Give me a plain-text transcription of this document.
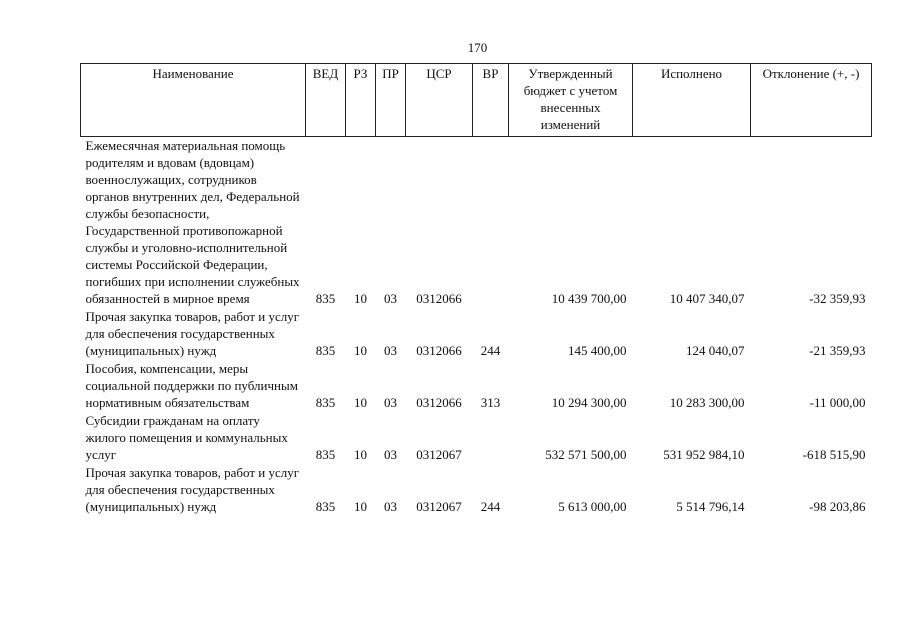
170
Наименование	ВЕД	РЗ	ПР	ЦСР	ВР	Утвержденный бюджет с учетом внесенных изменений	Исполнено	Отклонение (+, -)
Ежемесячная материальная помощь родителям и вдовам (вдовцам) военнослужащих, сотрудников органов внутренних дел, Федеральной службы безопасности, Государственной противопожарной службы и уголовно-исполнительной системы Российской Федерации, погибших при исполнении служебных обязанностей в мирное время	835	10	03	0312066		10 439 700,00	10 407 340,07	-32 359,93
Прочая закупка товаров, работ и услуг для обеспечения государственных (муниципальных) нужд	835	10	03	0312066	244	145 400,00	124 040,07	-21 359,93
Пособия, компенсации, меры социальной поддержки по публичным нормативным обязательствам	835	10	03	0312066	313	10 294 300,00	10 283 300,00	-11 000,00
Субсидии гражданам на оплату жилого помещения и коммунальных услуг	835	10	03	0312067		532 571 500,00	531 952 984,10	-618 515,90
Прочая закупка товаров, работ и услуг для обеспечения государственных (муниципальных) нужд	835	10	03	0312067	244	5 613 000,00	5 514 796,14	-98 203,86
